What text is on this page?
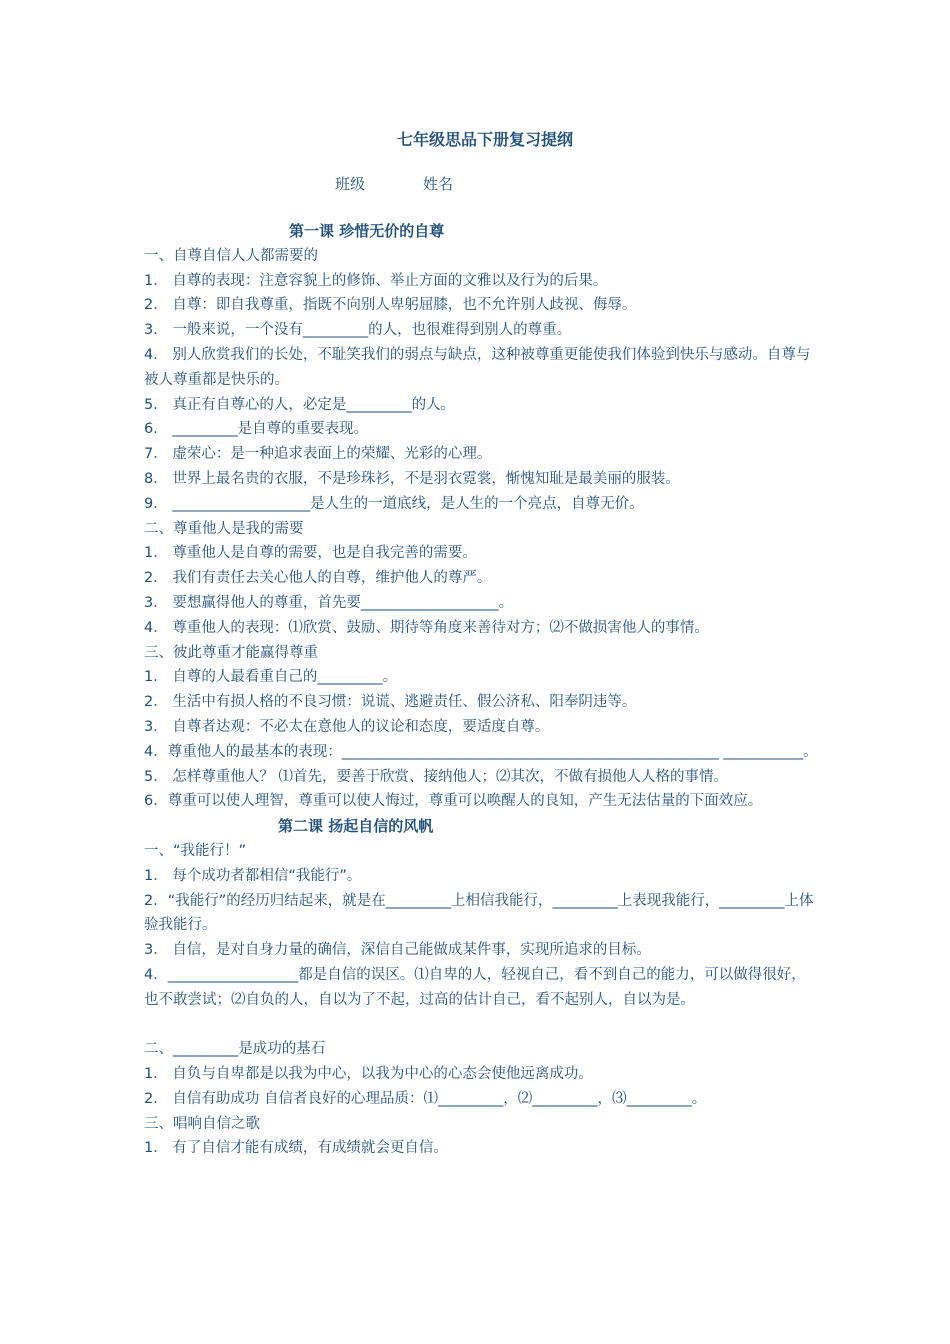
七年级思品下册复习提纲
班级	姓名
第一课 珍惜无价的自尊
一、自尊自信人人都需要的
1． 自尊的表现：注意容貌上的修饰、举止方面的文雅以及行为的后果。
2． 自尊：即自我尊重，指既不向别人卑躬屈膝，也不允许别人歧视、侮辱。
3． 一般来说，一个没有_________的人，也很难得到别人的尊重。
4． 别人欣赏我们的长处，不耻笑我们的弱点与缺点，这种被尊重更能使我们体验到快乐与感动。自尊与被人尊重都是快乐的。
5． 真正有自尊心的人，必定是_________的人。
6． _________是自尊的重要表现。
7． 虚荣心：是一种追求表面上的荣耀、光彩的心理。
8． 世界上最名贵的衣服，不是珍珠衫，不是羽衣霓裳，惭愧知耻是最美丽的服装。
9． ___________________是人生的一道底线，是人生的一个亮点，自尊无价。
二、尊重他人是我的需要
1． 尊重他人是自尊的需要，也是自我完善的需要。
2． 我们有责任去关心他人的自尊，维护他人的尊严。
3． 要想赢得他人的尊重，首先要___________________。
4． 尊重他人的表现：⑴欣赏、鼓励、期待等角度来善待对方；⑵不做损害他人的事情。
三、彼此尊重才能赢得尊重
1． 自尊的人最看重自己的_________。
2． 生活中有损人格的不良习惯：说谎、逃避责任、假公济私、阳奉阴违等。
3． 自尊者达观：不必太在意他人的议论和态度，要适度自尊。
4．尊重他人的最基本的表现：____________________________________________________ ___________。
5． 怎样尊重他人？ ⑴首先，要善于欣赏、接纳他人；⑵其次，不做有损他人人格的事情。
6．尊重可以使人理智，尊重可以使人悔过，尊重可以唤醒人的良知，产生无法估量的下面效应。
第二课 扬起自信的风帆
一、“我能行！”
1． 每个成功者都相信“我能行”。
2．“我能行”的经历归结起来，就是在_________上相信我能行，_________上表现我能行，_________上体验我能行。
3． 自信，是对自身力量的确信，深信自己能做成某件事，实现所追求的目标。
4．__________________都是自信的误区。⑴自卑的人，轻视自己，看不到自己的能力，可以做得很好，也不敢尝试；⑵自负的人，自以为了不起，过高的估计自己，看不起别人，自以为是。
二、_________是成功的基石
1． 自负与自卑都是以我为中心，以我为中心的心态会使他远离成功。
2． 自信有助成功 自信者良好的心理品质：⑴_________，⑵_________，⑶_________。
三、唱响自信之歌
1． 有了自信才能有成绩，有成绩就会更自信。
